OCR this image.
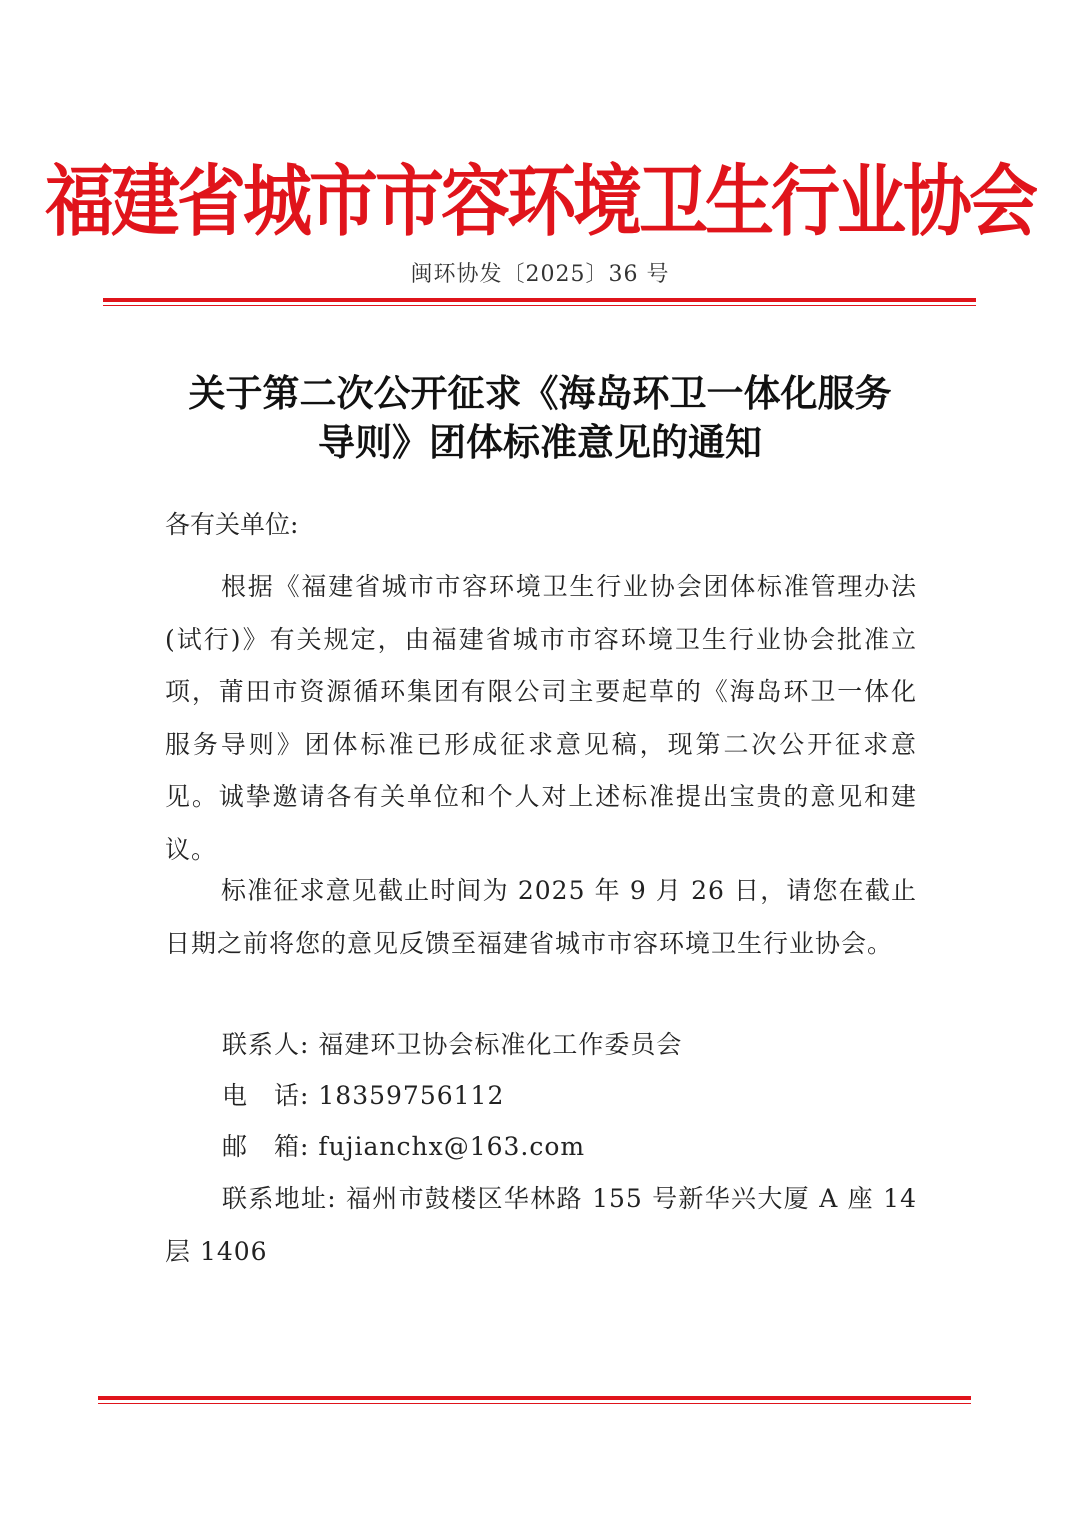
福建省城市市容环境卫生行业协会
闽环协发〔2025〕36 号
关于第二次公开征求《海岛环卫一体化服务
导则》团体标准意见的通知
各有关单位:
根据《福建省城市市容环境卫生行业协会团体标准管理办法(试行)》有关规定，由福建省城市市容环境卫生行业协会批准立项，莆田市资源循环集团有限公司主要起草的《海岛环卫一体化服务导则》团体标准已形成征求意见稿，现第二次公开征求意见。诚挚邀请各有关单位和个人对上述标准提出宝贵的意见和建议。
标准征求意见截止时间为 2025 年 9 月 26 日，请您在截止日期之前将您的意见反馈至福建省城市市容环境卫生行业协会。
联系人: 福建环卫协会标准化工作委员会
电　话: 18359756112
邮　箱: fujianchx@163.com
联系地址: 福州市鼓楼区华林路 155 号新华兴大厦 A 座 14 层 1406
